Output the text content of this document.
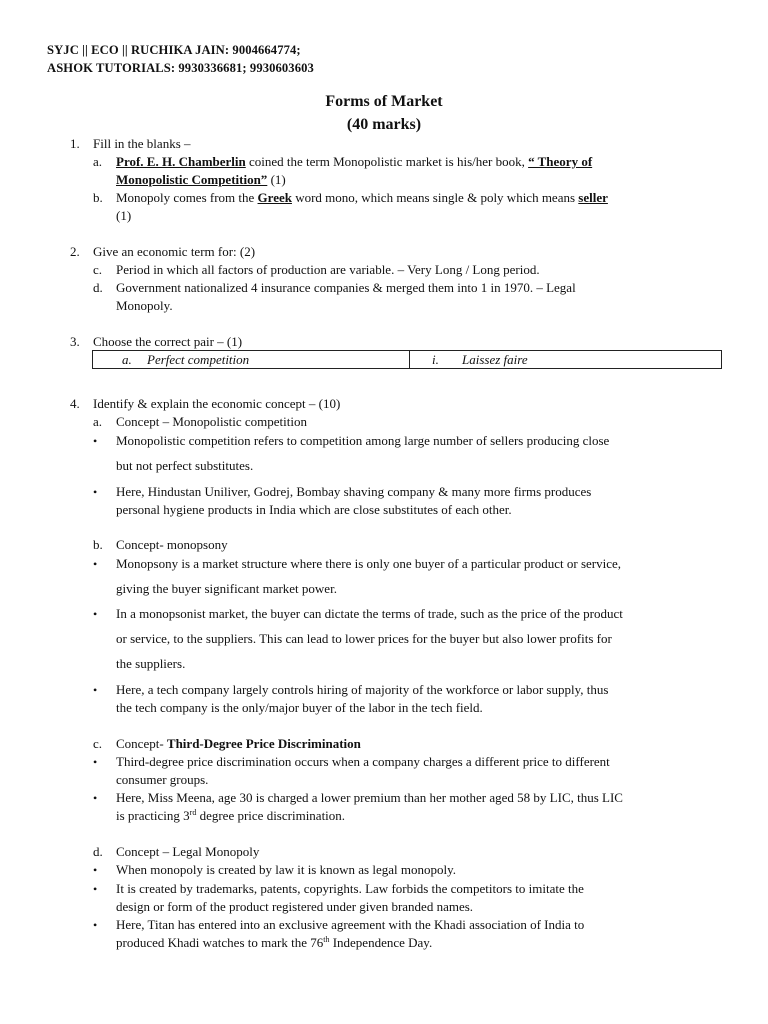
SYJC || ECO || RUCHIKA JAIN: 9004664774;
ASHOK TUTORIALS: 9930336681; 9930603603
Forms of Market
(40 marks)
1. Fill in the blanks –
a. Prof. E. H. Chamberlin coined the term Monopolistic market is his/her book, “ Theory of
Monopolistic Competition” (1)
b. Monopoly comes from the Greek word mono, which means single & poly which means seller
(1)
2. Give an economic term for: (2)
c. Period in which all factors of production are variable. – Very Long / Long period.
d. Government nationalized 4 insurance companies & merged them into 1 in 1970. – Legal
Monopoly.
3. Choose the correct pair – (1)
a. Perfect competition	i. Laissez faire
4. Identify & explain the economic concept – (10)
a. Concept – Monopolistic competition
• Monopolistic competition refers to competition among large number of sellers producing close
but not perfect substitutes.
• Here, Hindustan Uniliver, Godrej, Bombay shaving company & many more firms produces
personal hygiene products in India which are close substitutes of each other.
b. Concept- monopsony
• Monopsony is a market structure where there is only one buyer of a particular product or service,
giving the buyer significant market power.
• In a monopsonist market, the buyer can dictate the terms of trade, such as the price of the product
or service, to the suppliers. This can lead to lower prices for the buyer but also lower profits for
the suppliers.
• Here, a tech company largely controls hiring of majority of the workforce or labor supply, thus
the tech company is the only/major buyer of the labor in the tech field.
c. Concept- Third-Degree Price Discrimination
• Third-degree price discrimination occurs when a company charges a different price to different
consumer groups.
• Here, Miss Meena, age 30 is charged a lower premium than her mother aged 58 by LIC, thus LIC
is practicing 3rd degree price discrimination.
d. Concept – Legal Monopoly
• When monopoly is created by law it is known as legal monopoly.
• It is created by trademarks, patents, copyrights. Law forbids the competitors to imitate the
design or form of the product registered under given branded names.
• Here, Titan has entered into an exclusive agreement with the Khadi association of India to
produced Khadi watches to mark the 76th Independence Day.
